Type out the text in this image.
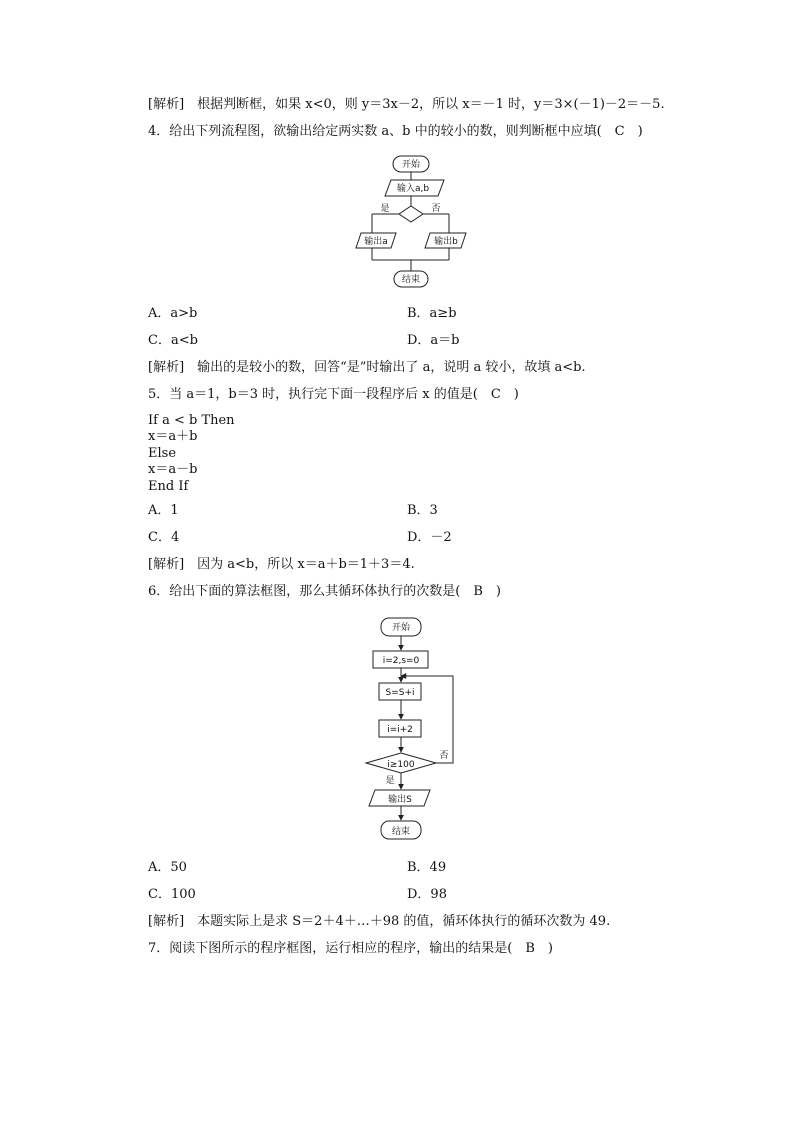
[解析]　根据判断框，如果 x<0，则 y＝3x－2，所以 x＝－1 时，y＝3×(－1)－2＝－5.
4．给出下列流程图，欲输出给定两实数 a、b 中的较小的数，则判断框中应填(　C　)
开始
输入a,b
是	否
输出a	输出b
结束
A．a>b	B．a≥b
C．a<b	D．a＝b
[解析]　输出的是较小的数，回答“是”时输出了 a，说明 a 较小，故填 a<b.
5．当 a＝1，b＝3 时，执行完下面一段程序后 x 的值是(　C　)
If a < b Then
x＝a＋b
Else
x＝a－b
End If
A．1	B．3
C．4	D．－2
[解析]　因为 a<b，所以 x＝a＋b＝1＋3＝4.
6．给出下面的算法框图，那么其循环体执行的次数是(　B　)
开始
i=2,s=0
S=S+i
i=i+2
i≥100
否
是
输出S
结束
A．50	B．49
C．100	D．98
[解析]　本题实际上是求 S＝2＋4＋…＋98 的值，循环体执行的循环次数为 49.
7．阅读下图所示的程序框图，运行相应的程序，输出的结果是(　B　)
